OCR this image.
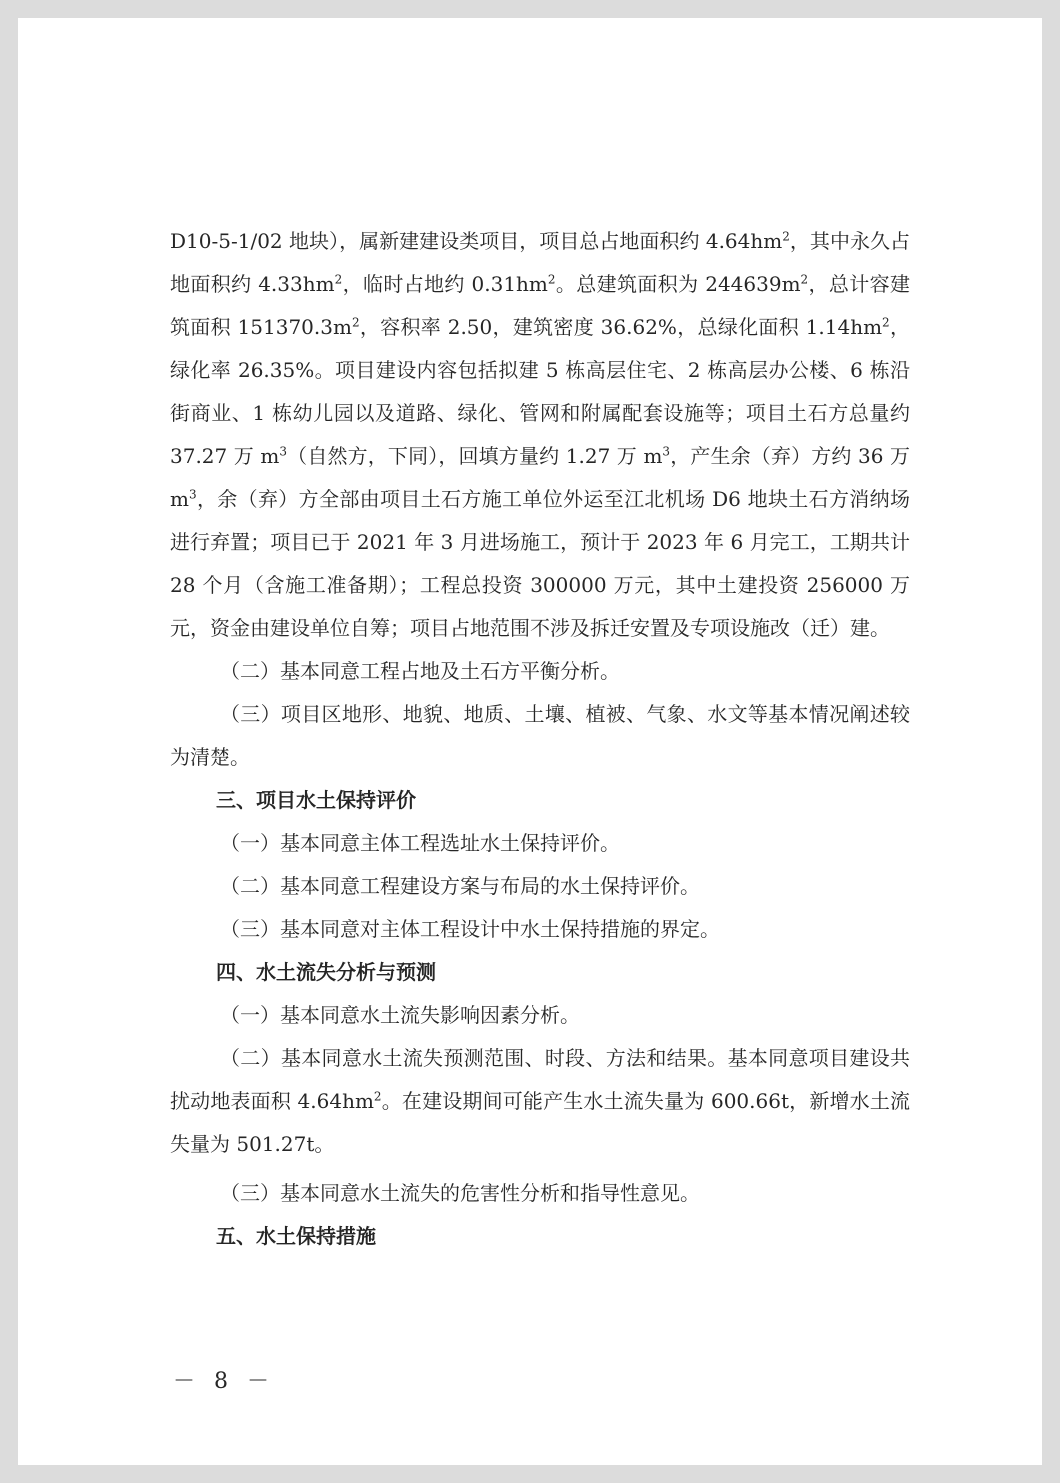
D10-5-1/02 地块），属新建建设类项目，项目总占地面积约 $4.64hm^2$，其中永久占地面积约 $4.33hm^2$，临时占地约 $0.31hm^2$。总建筑面积为 $244639m^2$，总计容建筑面积 $151370.3m^2$，容积率 2.50，建筑密度 36.62%，总绿化面积 $1.14hm^2$，绿化率 26.35%。项目建设内容包括拟建 5 栋高层住宅、2 栋高层办公楼、6 栋沿街商业、1 栋幼儿园以及道路、绿化、管网和附属配套设施等；项目土石方总量约 37.27 万 $m^3$（自然方，下同），回填方量约 1.27 万 $m^3$，产生余（弃）方约 36 万 $m^3$，余（弃）方全部由项目土石方施工单位外运至江北机场 D6 地块土石方消纳场进行弃置；项目已于 2021 年 3 月进场施工，预计于 2023 年 6 月完工，工期共计 28 个月（含施工准备期）；工程总投资 300000 万元，其中土建投资 256000 万元，资金由建设单位自筹；项目占地范围不涉及拆迁安置及专项设施改（迁）建。

（二）基本同意工程占地及土石方平衡分析。

（三）项目区地形、地貌、地质、土壤、植被、气象、水文等基本情况阐述较为清楚。

三、项目水土保持评价

（一）基本同意主体工程选址水土保持评价。

（二）基本同意工程建设方案与布局的水土保持评价。

（三）基本同意对主体工程设计中水土保持措施的界定。

四、水土流失分析与预测

（一）基本同意水土流失影响因素分析。

（二）基本同意水土流失预测范围、时段、方法和结果。基本同意项目建设共扰动地表面积 $4.64hm^2$。在建设期间可能产生水土流失量为 600.66t，新增水土流失量为 501.27t。

（三）基本同意水土流失的危害性分析和指导性意见。

五、水土保持措施

－ 8 －
